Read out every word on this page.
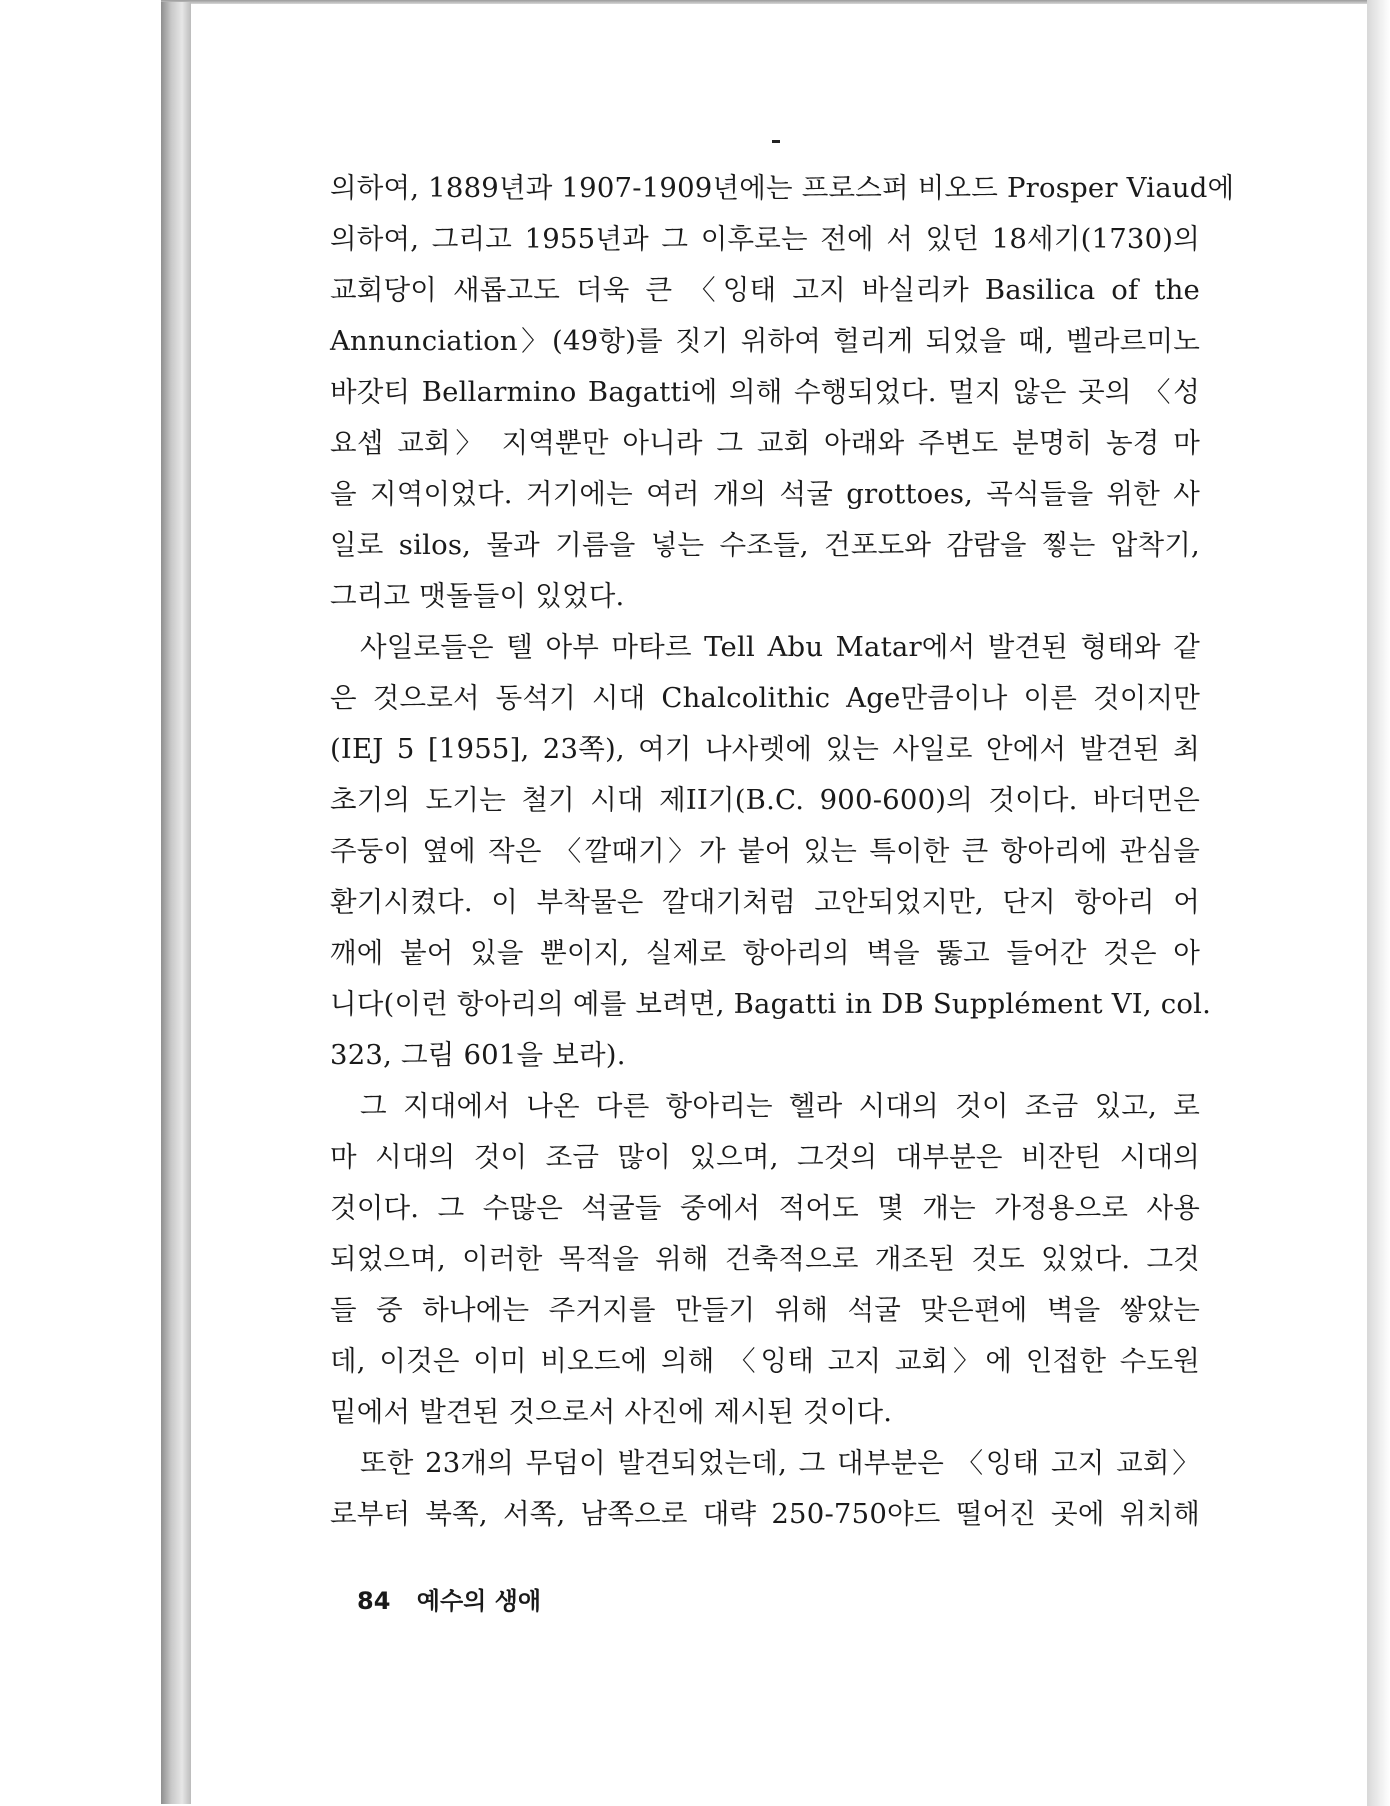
의하여, 1889년과 1907-1909년에는 프로스퍼 비오드 Prosper Viaud에
의하여, 그리고 1955년과 그 이후로는 전에 서 있던 18세기(1730)의
교회당이 새롭고도 더욱 큰 〈잉태 고지 바실리카 Basilica of the
Annunciation〉(49항)를 짓기 위하여 헐리게 되었을 때, 벨라르미노
바갓티 Bellarmino Bagatti에 의해 수행되었다. 멀지 않은 곳의 〈성
요셉 교회〉 지역뿐만 아니라 그 교회 아래와 주변도 분명히 농경 마
을 지역이었다. 거기에는 여러 개의 석굴 grottoes, 곡식들을 위한 사
일로 silos, 물과 기름을 넣는 수조들, 건포도와 감람을 찧는 압착기,
그리고 맷돌들이 있었다.

사일로들은 텔 아부 마타르 Tell Abu Matar에서 발견된 형태와 같
은 것으로서 동석기 시대 Chalcolithic Age만큼이나 이른 것이지만
(IEJ 5 [1955], 23쪽), 여기 나사렛에 있는 사일로 안에서 발견된 최
초기의 도기는 철기 시대 제II기(B.C. 900-600)의 것이다. 바더먼은
주둥이 옆에 작은 〈깔때기〉가 붙어 있는 특이한 큰 항아리에 관심을
환기시켰다. 이 부착물은 깔대기처럼 고안되었지만, 단지 항아리 어
깨에 붙어 있을 뿐이지, 실제로 항아리의 벽을 뚫고 들어간 것은 아
니다(이런 항아리의 예를 보려면, Bagatti in DB Supplément VI, col.
323, 그림 601을 보라).

그 지대에서 나온 다른 항아리는 헬라 시대의 것이 조금 있고, 로
마 시대의 것이 조금 많이 있으며, 그것의 대부분은 비잔틴 시대의
것이다. 그 수많은 석굴들 중에서 적어도 몇 개는 가정용으로 사용
되었으며, 이러한 목적을 위해 건축적으로 개조된 것도 있었다. 그것
들 중 하나에는 주거지를 만들기 위해 석굴 맞은편에 벽을 쌓았는
데, 이것은 이미 비오드에 의해 〈잉태 고지 교회〉에 인접한 수도원
밑에서 발견된 것으로서 사진에 제시된 것이다.

또한 23개의 무덤이 발견되었는데, 그 대부분은 〈잉태 고지 교회〉
로부터 북쪽, 서쪽, 남쪽으로 대략 250-750야드 떨어진 곳에 위치해

84 예수의 생애
